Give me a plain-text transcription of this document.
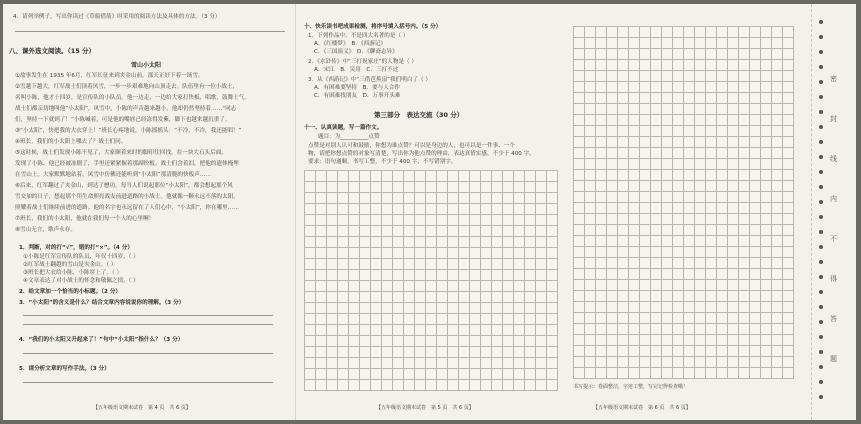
4．请列举例子，写出你读过《草船借箭》时采用的阅读方法及具体的方法。（3 分）
八、课外选文阅读。（15 分）
雪山小太阳
①故事发生在 1935 年6月，红军长征来到夹金山前，那天正好下着一场雪。
②雪越下越大，红军战士们顶着风雪，一步一步艰难地向山顶走去。队伍里有一位小战士，
名叫小陈，他才十四岁，是宣传队的小队员。他一边走，一边给大家打快板、唱歌，鼓舞士气。
战士们都亲切地叫他“小太阳”。风雪中，小陈的声音越来越小，他却仍然坚持着……“同志
们，坚持一下就到了！”小陈喊着，可是他的嘴唇已经冻得发紫，脚下也越来越沉重了。
③“小太阳”，快把我的大衣穿上！”班长心疼地说。小陈摇摇头：“不冷，不冷，我还能唱！”
④班长，我们的小太阳上哪去了？战士们问。
⑤这时候，战士们发现小陈不见了，大家顺着来时的脚印往回找，在一块大石头后面，
发现了小陈，他已经被冻僵了，手里还紧紧握着那副快板。战士们含着泪，把他的遗体掩埋
在雪山上。大家默默地站着，风雪中仿佛还能听到“小太阳”那清脆的快板声……
⑥后来，红军翻过了夹金山，到达了懋功。每当人们说起那位“小太阳”，都会想起那个风
雪交加的日子，想起那个用生命照亮战友前进道路的小战士。他就像一颗永远不落的太阳，
照耀着战士们继续前进的道路。他的名字也永远留在了人们心中，“小太阳”，你在哪里……
⑦班长，我们的小太阳，他就在我们每一个人的心里啊！
⑧雪山无言，歌声永存。
1．判断，对的打“√”，错的打“×”。（4 分）
①小陈是红军宣传队的队员，年仅十四岁。（ ）
②红军战士翻越的雪山是夹金山。（ ）
③班长把大衣给小陈，小陈穿上了。（ ）
④文章表达了对小战士的怀念和敬佩之情。（ ）
2．给文章加一个恰当的小标题。（2 分）
3．“小太阳”的含义是什么？结合文章内容说说你的理解。（3 分）
4．“我们的小太阳又升起来了！”句中“小太阳”指什么？（3 分）
5．请分析文章的写作手法。（3 分）
【五年级语文期末试卷　第 4 页　共 6 页】
十、快乐读书吧成果检测，将序号填入括号内。（5 分）
1．下列作品中，不是四大名著的是（ ）
A．《红楼梦》　B．《西游记》
C．《三国演义》　D．《聊斋志异》
2．《水浒传》中“三打祝家庄”的人物是（ ）
A．宋江　B．吴用　C．三打不过
3．从《西游记》中“三借芭蕉扇”我们明白了（ ）
A．有困难要坚持　B．要与人合作
C．有困难找朋友　D．万事开头难
第三部分　表达交流（30 分）
十一、认真读题，写一篇作文。
题目：为__________点赞
点赞是对别人认可和鼓励，你想为谁点赞？可以是身边的人，也可以是一件事、一个
物，请把你想点赞的对象写清楚，写出你为他点赞的理由，表达真情实感，不少于 400 字。
要求：语句通顺，书写工整，不少于 400 字，不写错别字。
【五年级语文期末试卷　第 5 页　共 6 页】
书写提示：卷面整洁，字迹工整，写完记得检查哦！
【五年级语文期末试卷　第 6 页　共 6 页】
密
封
线
内
不
得
答
题
